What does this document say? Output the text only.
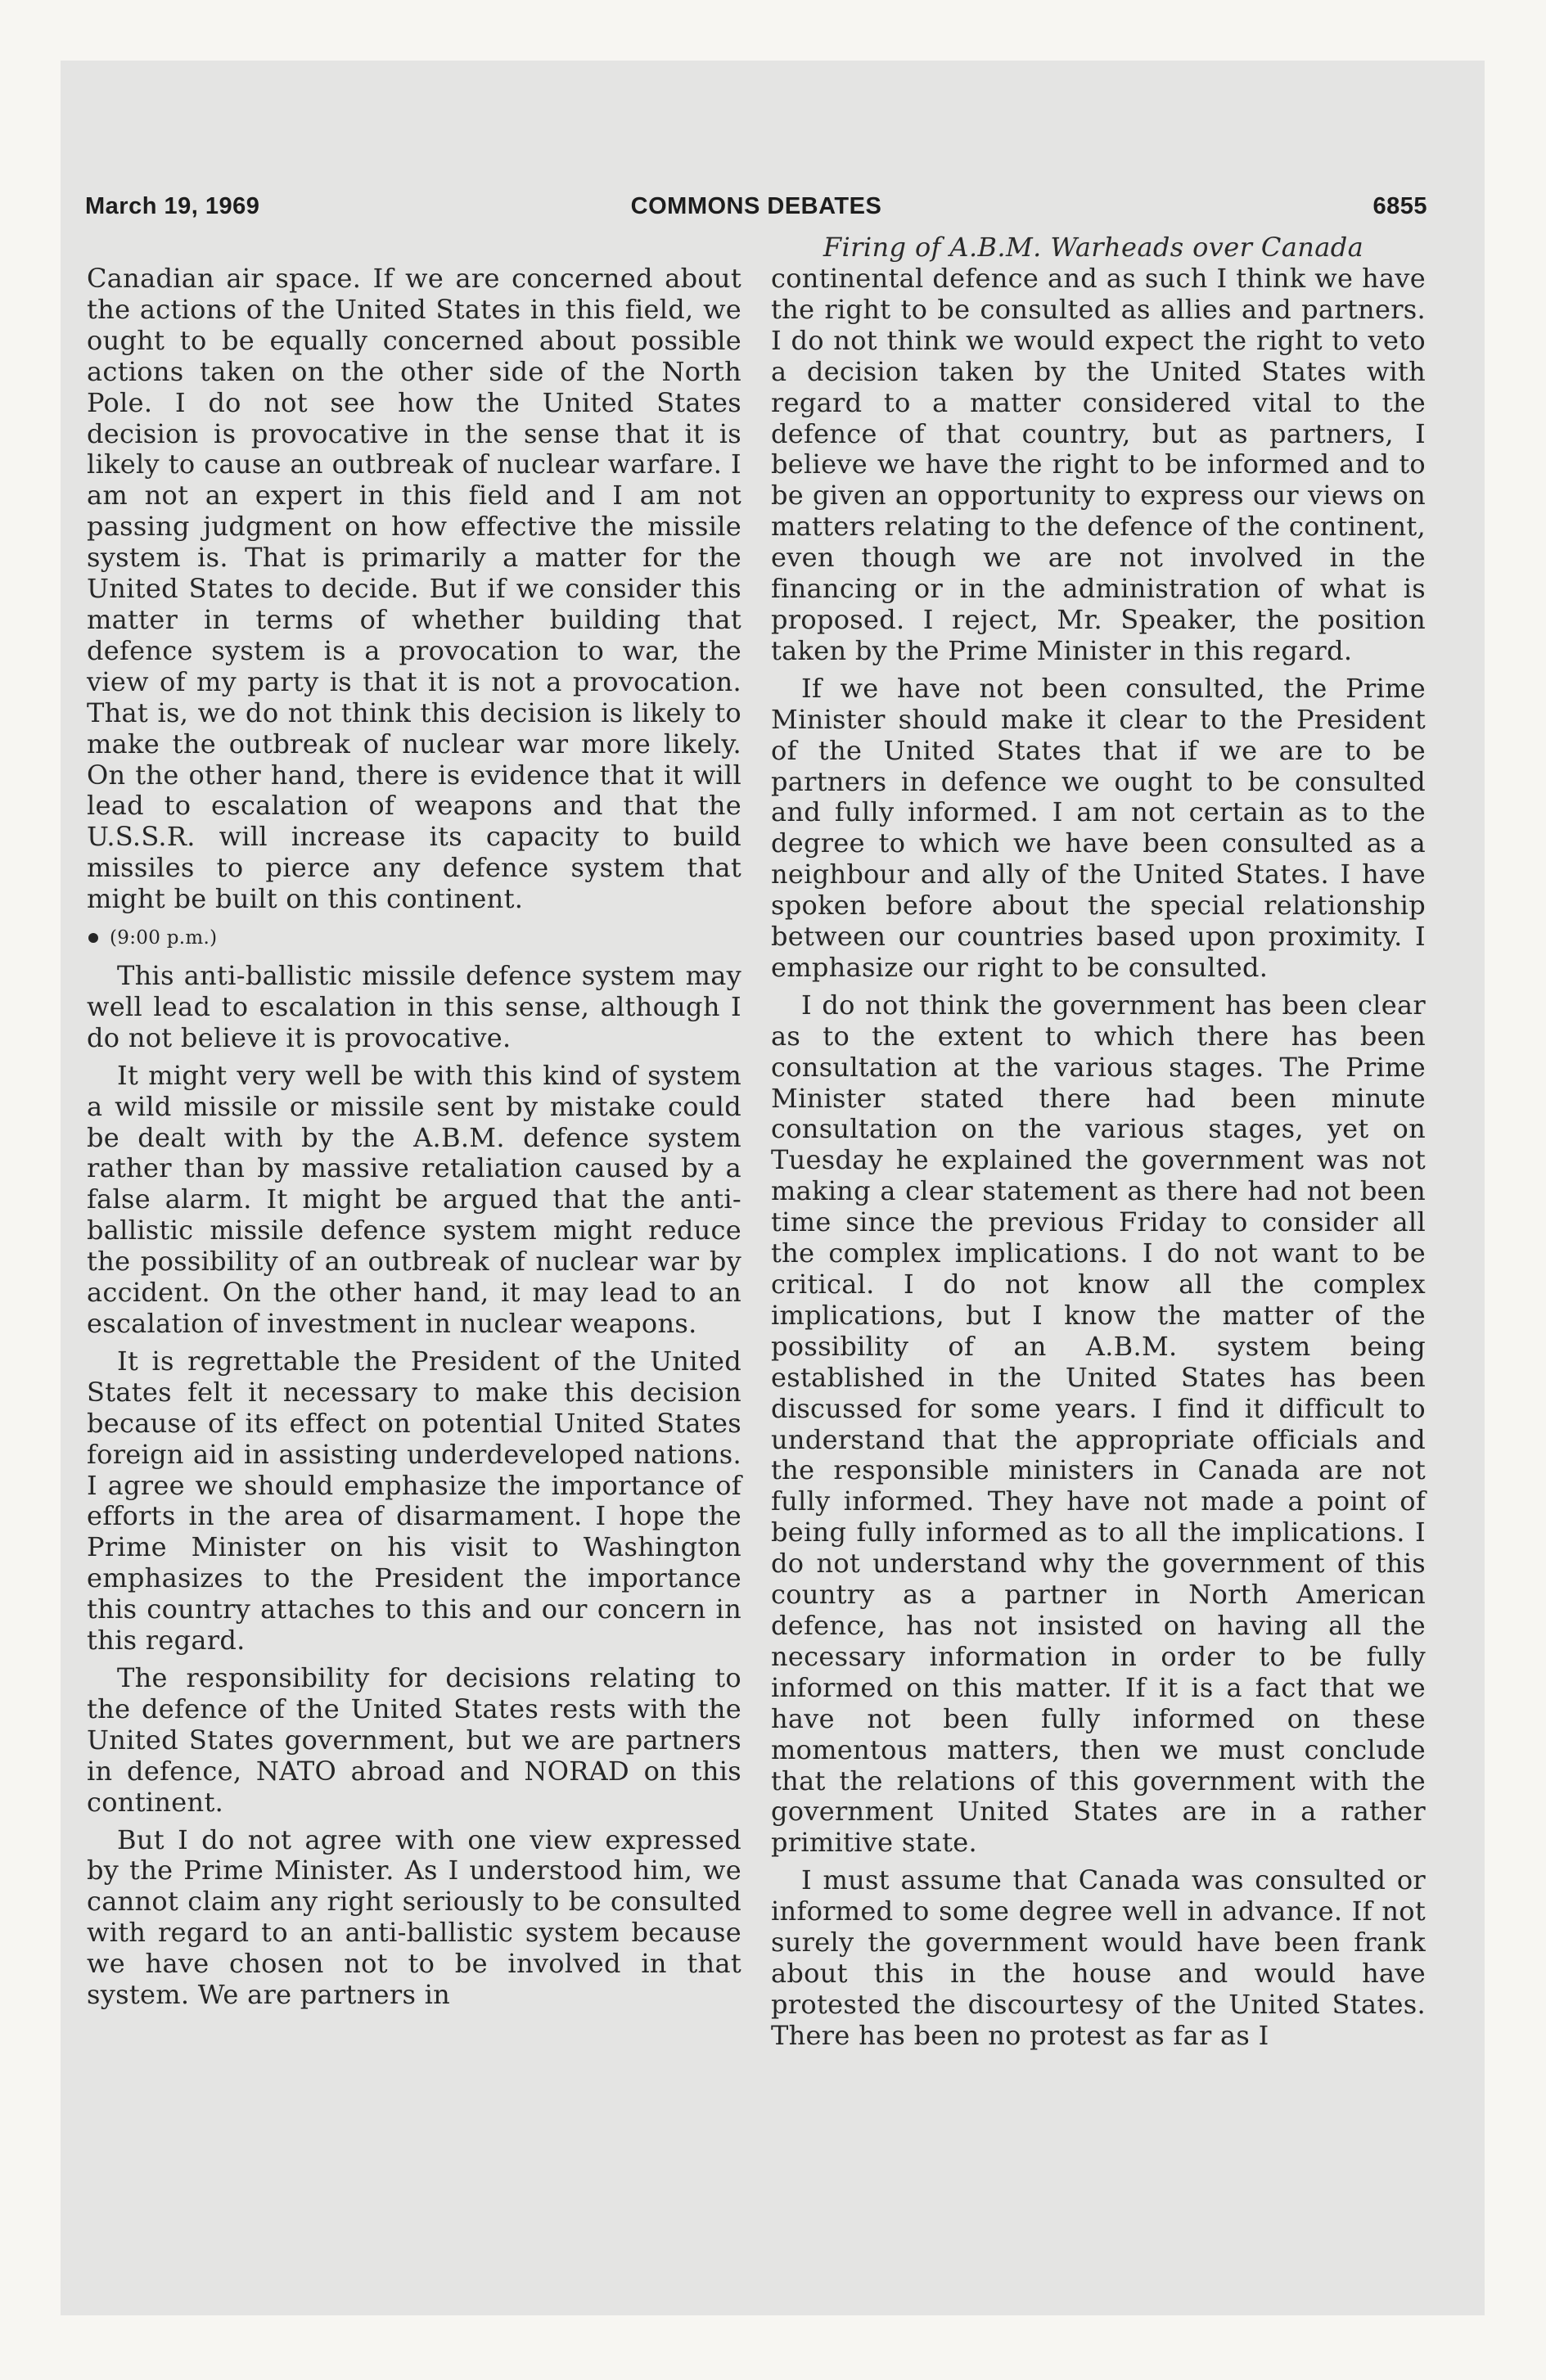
March 19, 1969	COMMONS DEBATES	6855
Firing of A.B.M. Warheads over Canada

Canadian air space. If we are concerned about the actions of the United States in this field, we ought to be equally concerned about possible actions taken on the other side of the North Pole. I do not see how the United States decision is provocative in the sense that it is likely to cause an outbreak of nuclear warfare. I am not an expert in this field and I am not passing judgment on how effective the missile system is. That is primarily a matter for the United States to decide. But if we consider this matter in terms of whether building that defence system is a provocation to war, the view of my party is that it is not a provocation. That is, we do not think this decision is likely to make the outbreak of nuclear war more likely. On the other hand, there is evidence that it will lead to escalation of weapons and that the U.S.S.R. will increase its capacity to build missiles to pierce any defence system that might be built on this continent.

(9:00 p.m.)

This anti-ballistic missile defence system may well lead to escalation in this sense, although I do not believe it is provocative.

It might very well be with this kind of system a wild missile or missile sent by mistake could be dealt with by the A.B.M. defence system rather than by massive retaliation caused by a false alarm. It might be argued that the anti-ballistic missile defence system might reduce the possibility of an outbreak of nuclear war by accident. On the other hand, it may lead to an escalation of investment in nuclear weapons.

It is regrettable the President of the United States felt it necessary to make this decision because of its effect on potential United States foreign aid in assisting underdeveloped nations. I agree we should emphasize the importance of efforts in the area of disarmament. I hope the Prime Minister on his visit to Washington emphasizes to the President the importance this country attaches to this and our concern in this regard.

The responsibility for decisions relating to the defence of the United States rests with the United States government, but we are partners in defence, NATO abroad and NORAD on this continent.

But I do not agree with one view expressed by the Prime Minister. As I understood him, we cannot claim any right seriously to be consulted with regard to an anti-ballistic system because we have chosen not to be involved in that system. We are partners in

continental defence and as such I think we have the right to be consulted as allies and partners. I do not think we would expect the right to veto a decision taken by the United States with regard to a matter considered vital to the defence of that country, but as partners, I believe we have the right to be informed and to be given an opportunity to express our views on matters relating to the defence of the continent, even though we are not involved in the financing or in the administration of what is proposed. I reject, Mr. Speaker, the position taken by the Prime Minister in this regard.

If we have not been consulted, the Prime Minister should make it clear to the President of the United States that if we are to be partners in defence we ought to be consulted and fully informed. I am not certain as to the degree to which we have been consulted as a neighbour and ally of the United States. I have spoken before about the special relationship between our countries based upon proximity. I emphasize our right to be consulted.

I do not think the government has been clear as to the extent to which there has been consultation at the various stages. The Prime Minister stated there had been minute consultation on the various stages, yet on Tuesday he explained the government was not making a clear statement as there had not been time since the previous Friday to consider all the complex implications. I do not want to be critical. I do not know all the complex implications, but I know the matter of the possibility of an A.B.M. system being established in the United States has been discussed for some years. I find it difficult to understand that the appropriate officials and the responsible ministers in Canada are not fully informed. They have not made a point of being fully informed as to all the implications. I do not understand why the government of this country as a partner in North American defence, has not insisted on having all the necessary information in order to be fully informed on this matter. If it is a fact that we have not been fully informed on these momentous matters, then we must conclude that the relations of this government with the government United States are in a rather primitive state.

I must assume that Canada was consulted or informed to some degree well in advance. If not surely the government would have been frank about this in the house and would have protested the discourtesy of the United States. There has been no protest as far as I
